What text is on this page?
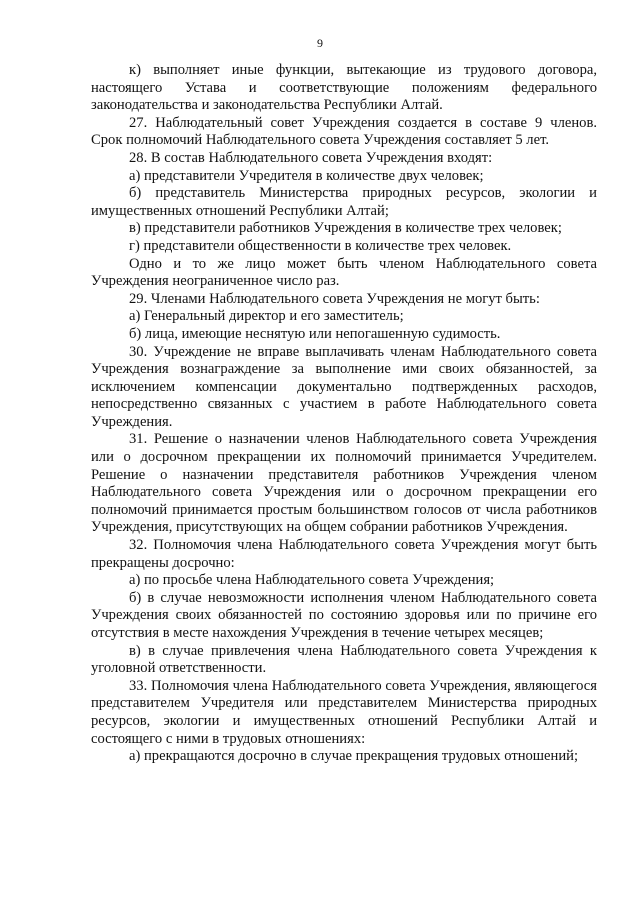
9

к) выполняет иные функции, вытекающие из трудового договора, настоящего Устава и соответствующие положениям федерального законодательства и законодательства Республики Алтай.

27. Наблюдательный совет Учреждения создается в составе 9 членов. Срок полномочий Наблюдательного совета Учреждения составляет 5 лет.

28. В состав Наблюдательного совета Учреждения входят:

а) представители Учредителя в количестве двух человек;

б) представитель Министерства природных ресурсов, экологии и имущественных отношений Республики Алтай;

в) представители работников Учреждения в количестве трех человек;

г) представители общественности в количестве трех человек.

Одно и то же лицо может быть членом Наблюдательного совета Учреждения неограниченное число раз.

29. Членами Наблюдательного совета Учреждения не могут быть:

а) Генеральный директор и его заместитель;

б) лица, имеющие неснятую или непогашенную судимость.

30. Учреждение не вправе выплачивать членам Наблюдательного совета Учреждения вознаграждение за выполнение ими своих обязанностей, за исключением компенсации документально подтвержденных расходов, непосредственно связанных с участием в работе Наблюдательного совета Учреждения.

31. Решение о назначении членов Наблюдательного совета Учреждения или о досрочном прекращении их полномочий принимается Учредителем. Решение о назначении представителя работников Учреждения членом Наблюдательного совета Учреждения или о досрочном прекращении его полномочий принимается простым большинством голосов от числа работников Учреждения, присутствующих на общем собрании работников Учреждения.

32. Полномочия члена Наблюдательного совета Учреждения могут быть прекращены досрочно:

а) по просьбе члена Наблюдательного совета Учреждения;

б) в случае невозможности исполнения членом Наблюдательного совета Учреждения своих обязанностей по состоянию здоровья или по причине его отсутствия в месте нахождения Учреждения в течение четырех месяцев;

в) в случае привлечения члена Наблюдательного совета Учреждения к уголовной ответственности.

33. Полномочия члена Наблюдательного совета Учреждения, являющегося представителем Учредителя или представителем Министерства природных ресурсов, экологии и имущественных отношений Республики Алтай и состоящего с ними в трудовых отношениях:

а) прекращаются досрочно в случае прекращения трудовых отношений;
